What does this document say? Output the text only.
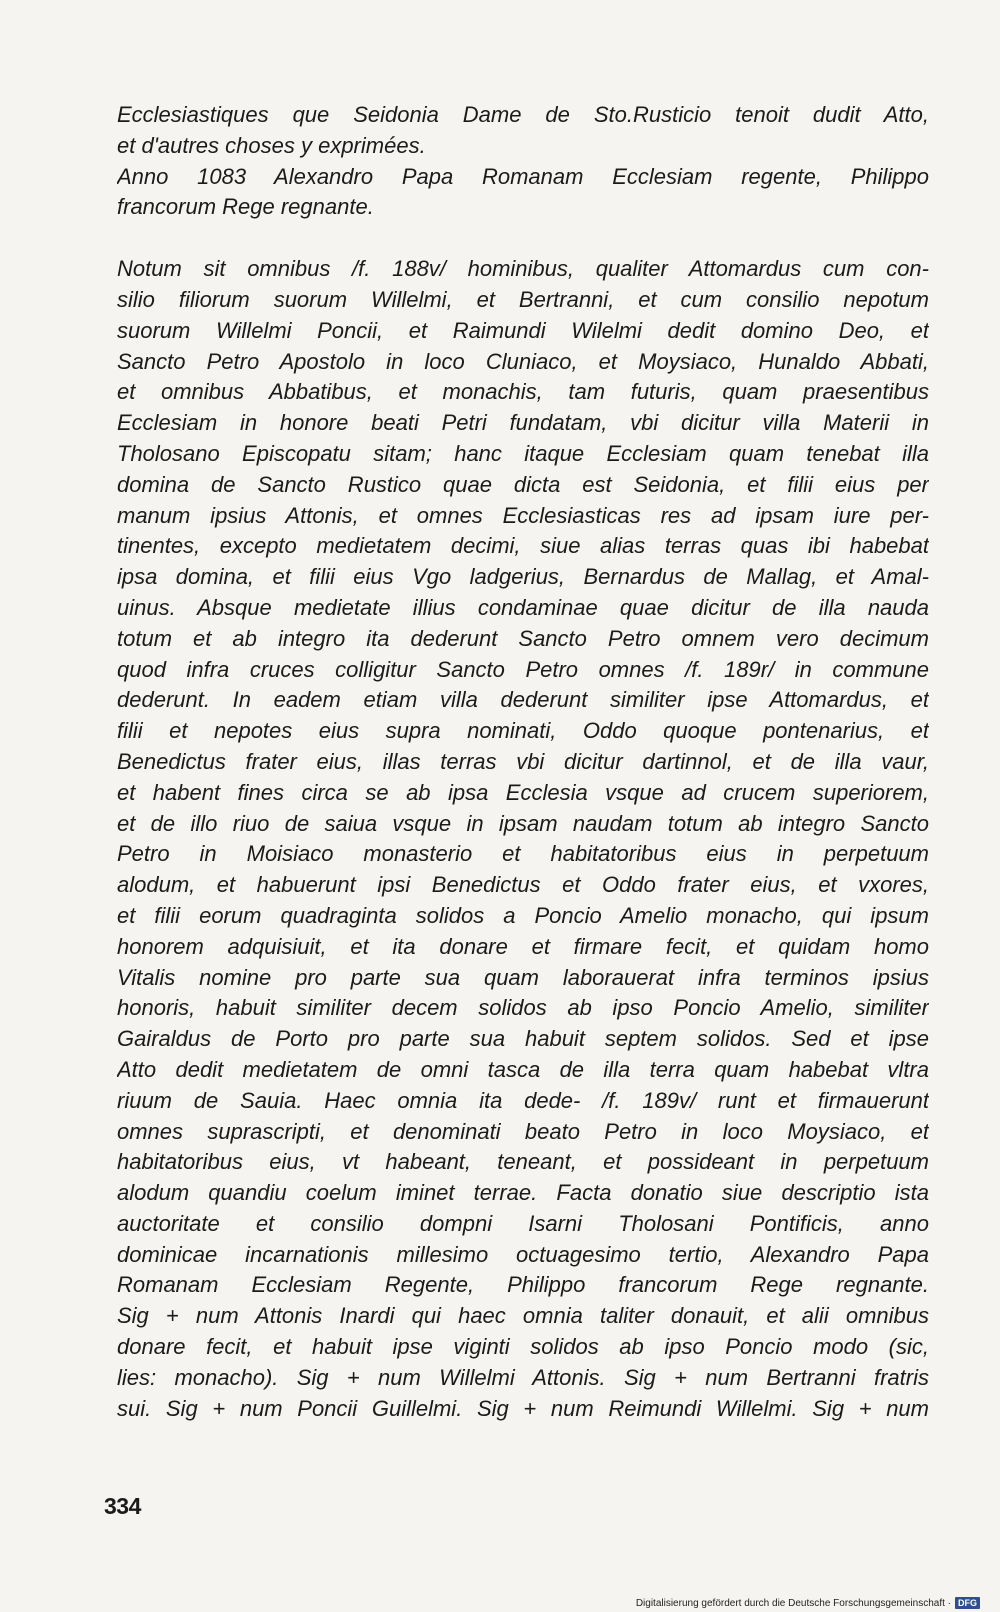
Ecclesiastiques que Seidonia Dame de Sto.Rusticio tenoit dudit Atto,
et d'autres choses y exprimées.
Anno 1083 Alexandro Papa Romanam Ecclesiam regente, Philippo
francorum Rege regnante.
Notum sit omnibus /f. 188v/ hominibus, qualiter Attomardus cum con-
silio filiorum suorum Willelmi, et Bertranni, et cum consilio nepotum
suorum Willelmi Poncii, et Raimundi Wilelmi dedit domino Deo, et
Sancto Petro Apostolo in loco Cluniaco, et Moysiaco, Hunaldo Abbati,
et omnibus Abbatibus, et monachis, tam futuris, quam praesentibus
Ecclesiam in honore beati Petri fundatam, vbi dicitur villa Materii in
Tholosano Episcopatu sitam; hanc itaque Ecclesiam quam tenebat illa
domina de Sancto Rustico quae dicta est Seidonia, et filii eius per
manum ipsius Attonis, et omnes Ecclesiasticas res ad ipsam iure per-
tinentes, excepto medietatem decimi, siue alias terras quas ibi habebat
ipsa domina, et filii eius Vgo ladgerius, Bernardus de Mallag, et Amal-
uinus. Absque medietate illius condaminae quae dicitur de illa nauda
totum et ab integro ita dederunt Sancto Petro omnem vero decimum
quod infra cruces colligitur Sancto Petro omnes /f. 189r/ in commune
dederunt. In eadem etiam villa dederunt similiter ipse Attomardus, et
filii et nepotes eius supra nominati, Oddo quoque pontenarius, et
Benedictus frater eius, illas terras vbi dicitur dartinnol, et de illa vaur,
et habent fines circa se ab ipsa Ecclesia vsque ad crucem superiorem,
et de illo riuo de saiua vsque in ipsam naudam totum ab integro Sancto
Petro in Moisiaco monasterio et habitatoribus eius in perpetuum
alodum, et habuerunt ipsi Benedictus et Oddo frater eius, et vxores,
et filii eorum quadraginta solidos a Poncio Amelio monacho, qui ipsum
honorem adquisiuit, et ita donare et firmare fecit, et quidam homo
Vitalis nomine pro parte sua quam laborauerat infra terminos ipsius
honoris, habuit similiter decem solidos ab ipso Poncio Amelio, similiter
Gairaldus de Porto pro parte sua habuit septem solidos. Sed et ipse
Atto dedit medietatem de omni tasca de illa terra quam habebat vltra
riuum de Sauia. Haec omnia ita dede- /f. 189v/ runt et firmauerunt
omnes suprascripti, et denominati beato Petro in loco Moysiaco, et
habitatoribus eius, vt habeant, teneant, et possideant in perpetuum
alodum quandiu coelum iminet terrae. Facta donatio siue descriptio ista
auctoritate et consilio dompni Isarni Tholosani Pontificis, anno
dominicae incarnationis millesimo octuagesimo tertio, Alexandro Papa
Romanam Ecclesiam Regente, Philippo francorum Rege regnante.
Sig + num Attonis Inardi qui haec omnia taliter donauit, et alii omnibus
donare fecit, et habuit ipse viginti solidos ab ipso Poncio modo (sic,
lies: monacho). Sig + num Willelmi Attonis. Sig + num Bertranni fratris
sui. Sig + num Poncii Guillelmi. Sig + num Reimundi Willelmi. Sig + num
334
Digitalisierung gefördert durch die Deutsche Forschungsgemeinschaft · DFG
